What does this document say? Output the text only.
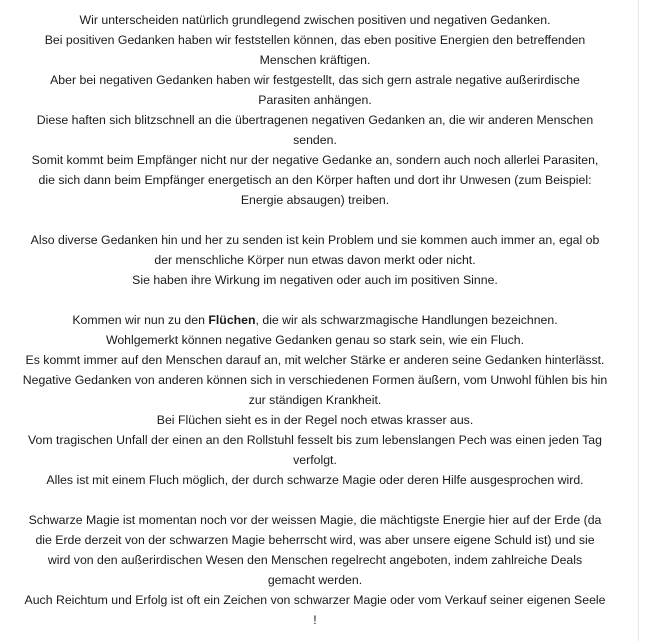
Wir unterscheiden natürlich grundlegend zwischen positiven und negativen Gedanken.
Bei positiven Gedanken haben wir feststellen können, das eben positive Energien den betreffenden
Menschen kräftigen.
Aber bei negativen Gedanken haben wir festgestellt, das sich gern astrale negative außerirdische
Parasiten anhängen.
Diese haften sich blitzschnell an die übertragenen negativen Gedanken an, die wir anderen Menschen
senden.
Somit kommt beim Empfänger nicht nur der negative Gedanke an, sondern auch noch allerlei Parasiten,
die sich dann beim Empfänger energetisch an den Körper haften und dort ihr Unwesen (zum Beispiel:
Energie absaugen) treiben.

Also diverse Gedanken hin und her zu senden ist kein Problem und sie kommen auch immer an, egal ob
der menschliche Körper nun etwas davon merkt oder nicht.
Sie haben ihre Wirkung im negativen oder auch im positiven Sinne.

Kommen wir nun zu den Flüchen, die wir als schwarzmagische Handlungen bezeichnen.
Wohlgemerkt können negative Gedanken genau so stark sein, wie ein Fluch.
Es kommt immer auf den Menschen darauf an, mit welcher Stärke er anderen seine Gedanken hinterlässt.
Negative Gedanken von anderen können sich in verschiedenen Formen äußern, vom Unwohl fühlen bis hin
zur ständigen Krankheit.
Bei Flüchen sieht es in der Regel noch etwas krasser aus.
Vom tragischen Unfall der einen an den Rollstuhl fesselt bis zum lebenslangen Pech was einen jeden Tag
verfolgt.
Alles ist mit einem Fluch möglich, der durch schwarze Magie oder deren Hilfe ausgesprochen wird.

Schwarze Magie ist momentan noch vor der weissen Magie, die mächtigste Energie hier auf der Erde (da
die Erde derzeit von der schwarzen Magie beherrscht wird, was aber unsere eigene Schuld ist) und sie
wird von den außerirdischen Wesen den Menschen regelrecht angeboten, indem zahlreiche Deals
gemacht werden.
Auch Reichtum und Erfolg ist oft ein Zeichen von schwarzer Magie oder vom Verkauf seiner eigenen Seele
!
